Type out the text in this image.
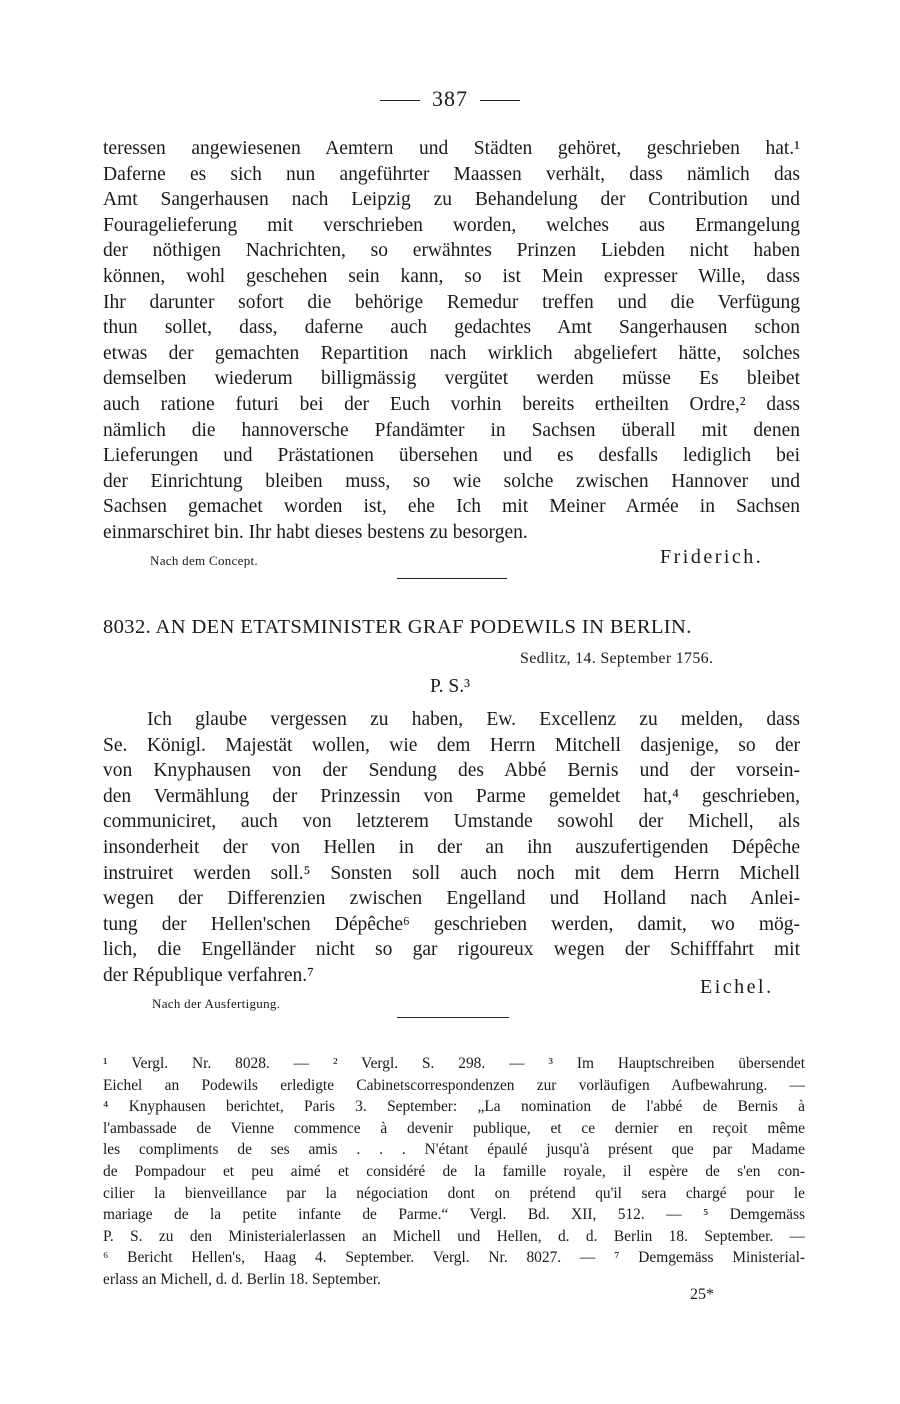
387
teressen angewiesenen Aemtern und Städten gehöret, geschrieben hat.¹
Daferne es sich nun angeführter Maassen verhält, dass nämlich das
Amt Sangerhausen nach Leipzig zu Behandelung der Contribution und
Fouragelieferung mit verschrieben worden, welches aus Ermangelung
der nöthigen Nachrichten, so erwähntes Prinzen Liebden nicht haben
können, wohl geschehen sein kann, so ist Mein expresser Wille, dass
Ihr darunter sofort die behörige Remedur treffen und die Verfügung
thun sollet, dass, daferne auch gedachtes Amt Sangerhausen schon
etwas der gemachten Repartition nach wirklich abgeliefert hätte, solches
demselben wiederum billigmässig vergütet werden müsse Es bleibet
auch ratione futuri bei der Euch vorhin bereits ertheilten Ordre,² dass
nämlich die hannoversche Pfandämter in Sachsen überall mit denen
Lieferungen und Prästationen übersehen und es desfalls lediglich bei
der Einrichtung bleiben muss, so wie solche zwischen Hannover und
Sachsen gemachet worden ist, ehe Ich mit Meiner Armée in Sachsen
einmarschiret bin. Ihr habt dieses bestens zu besorgen.
Nach dem Concept.	Friderich.
8032. AN DEN ETATSMINISTER GRAF PODEWILS IN BERLIN.
Sedlitz, 14. September 1756.
P. S.³
Ich glaube vergessen zu haben, Ew. Excellenz zu melden, dass
Se. Königl. Majestät wollen, wie dem Herrn Mitchell dasjenige, so der
von Knyphausen von der Sendung des Abbé Bernis und der vorsein-
den Vermählung der Prinzessin von Parme gemeldet hat,⁴ geschrieben,
communiciret, auch von letzterem Umstande sowohl der Michell, als
insonderheit der von Hellen in der an ihn auszufertigenden Dépêche
instruiret werden soll.⁵ Sonsten soll auch noch mit dem Herrn Michell
wegen der Differenzien zwischen Engelland und Holland nach Anlei-
tung der Hellen'schen Dépêche⁶ geschrieben werden, damit, wo mög-
lich, die Engelländer nicht so gar rigoureux wegen der Schifffahrt mit
der République verfahren.⁷
Nach der Ausfertigung.
Eichel.
¹ Vergl. Nr. 8028. — ² Vergl. S. 298. — ³ Im Hauptschreiben übersendet
Eichel an Podewils erledigte Cabinetscorrespondenzen zur vorläufigen Aufbewahrung. —
⁴ Knyphausen berichtet, Paris 3. September: „La nomination de l'abbé de Bernis à
l'ambassade de Vienne commence à devenir publique, et ce dernier en reçoit même
les compliments de ses amis . . . N'étant épaulé jusqu'à présent que par Madame
de Pompadour et peu aimé et considéré de la famille royale, il espère de s'en con-
cilier la bienveillance par la négociation dont on prétend qu'il sera chargé pour le
mariage de la petite infante de Parme.“ Vergl. Bd. XII, 512. — ⁵ Demgemäss
P. S. zu den Ministerialerlassen an Michell und Hellen, d. d. Berlin 18. September. —
⁶ Bericht Hellen's, Haag 4. September. Vergl. Nr. 8027. — ⁷ Demgemäss Ministerial-
erlass an Michell, d. d. Berlin 18. September.
25*
